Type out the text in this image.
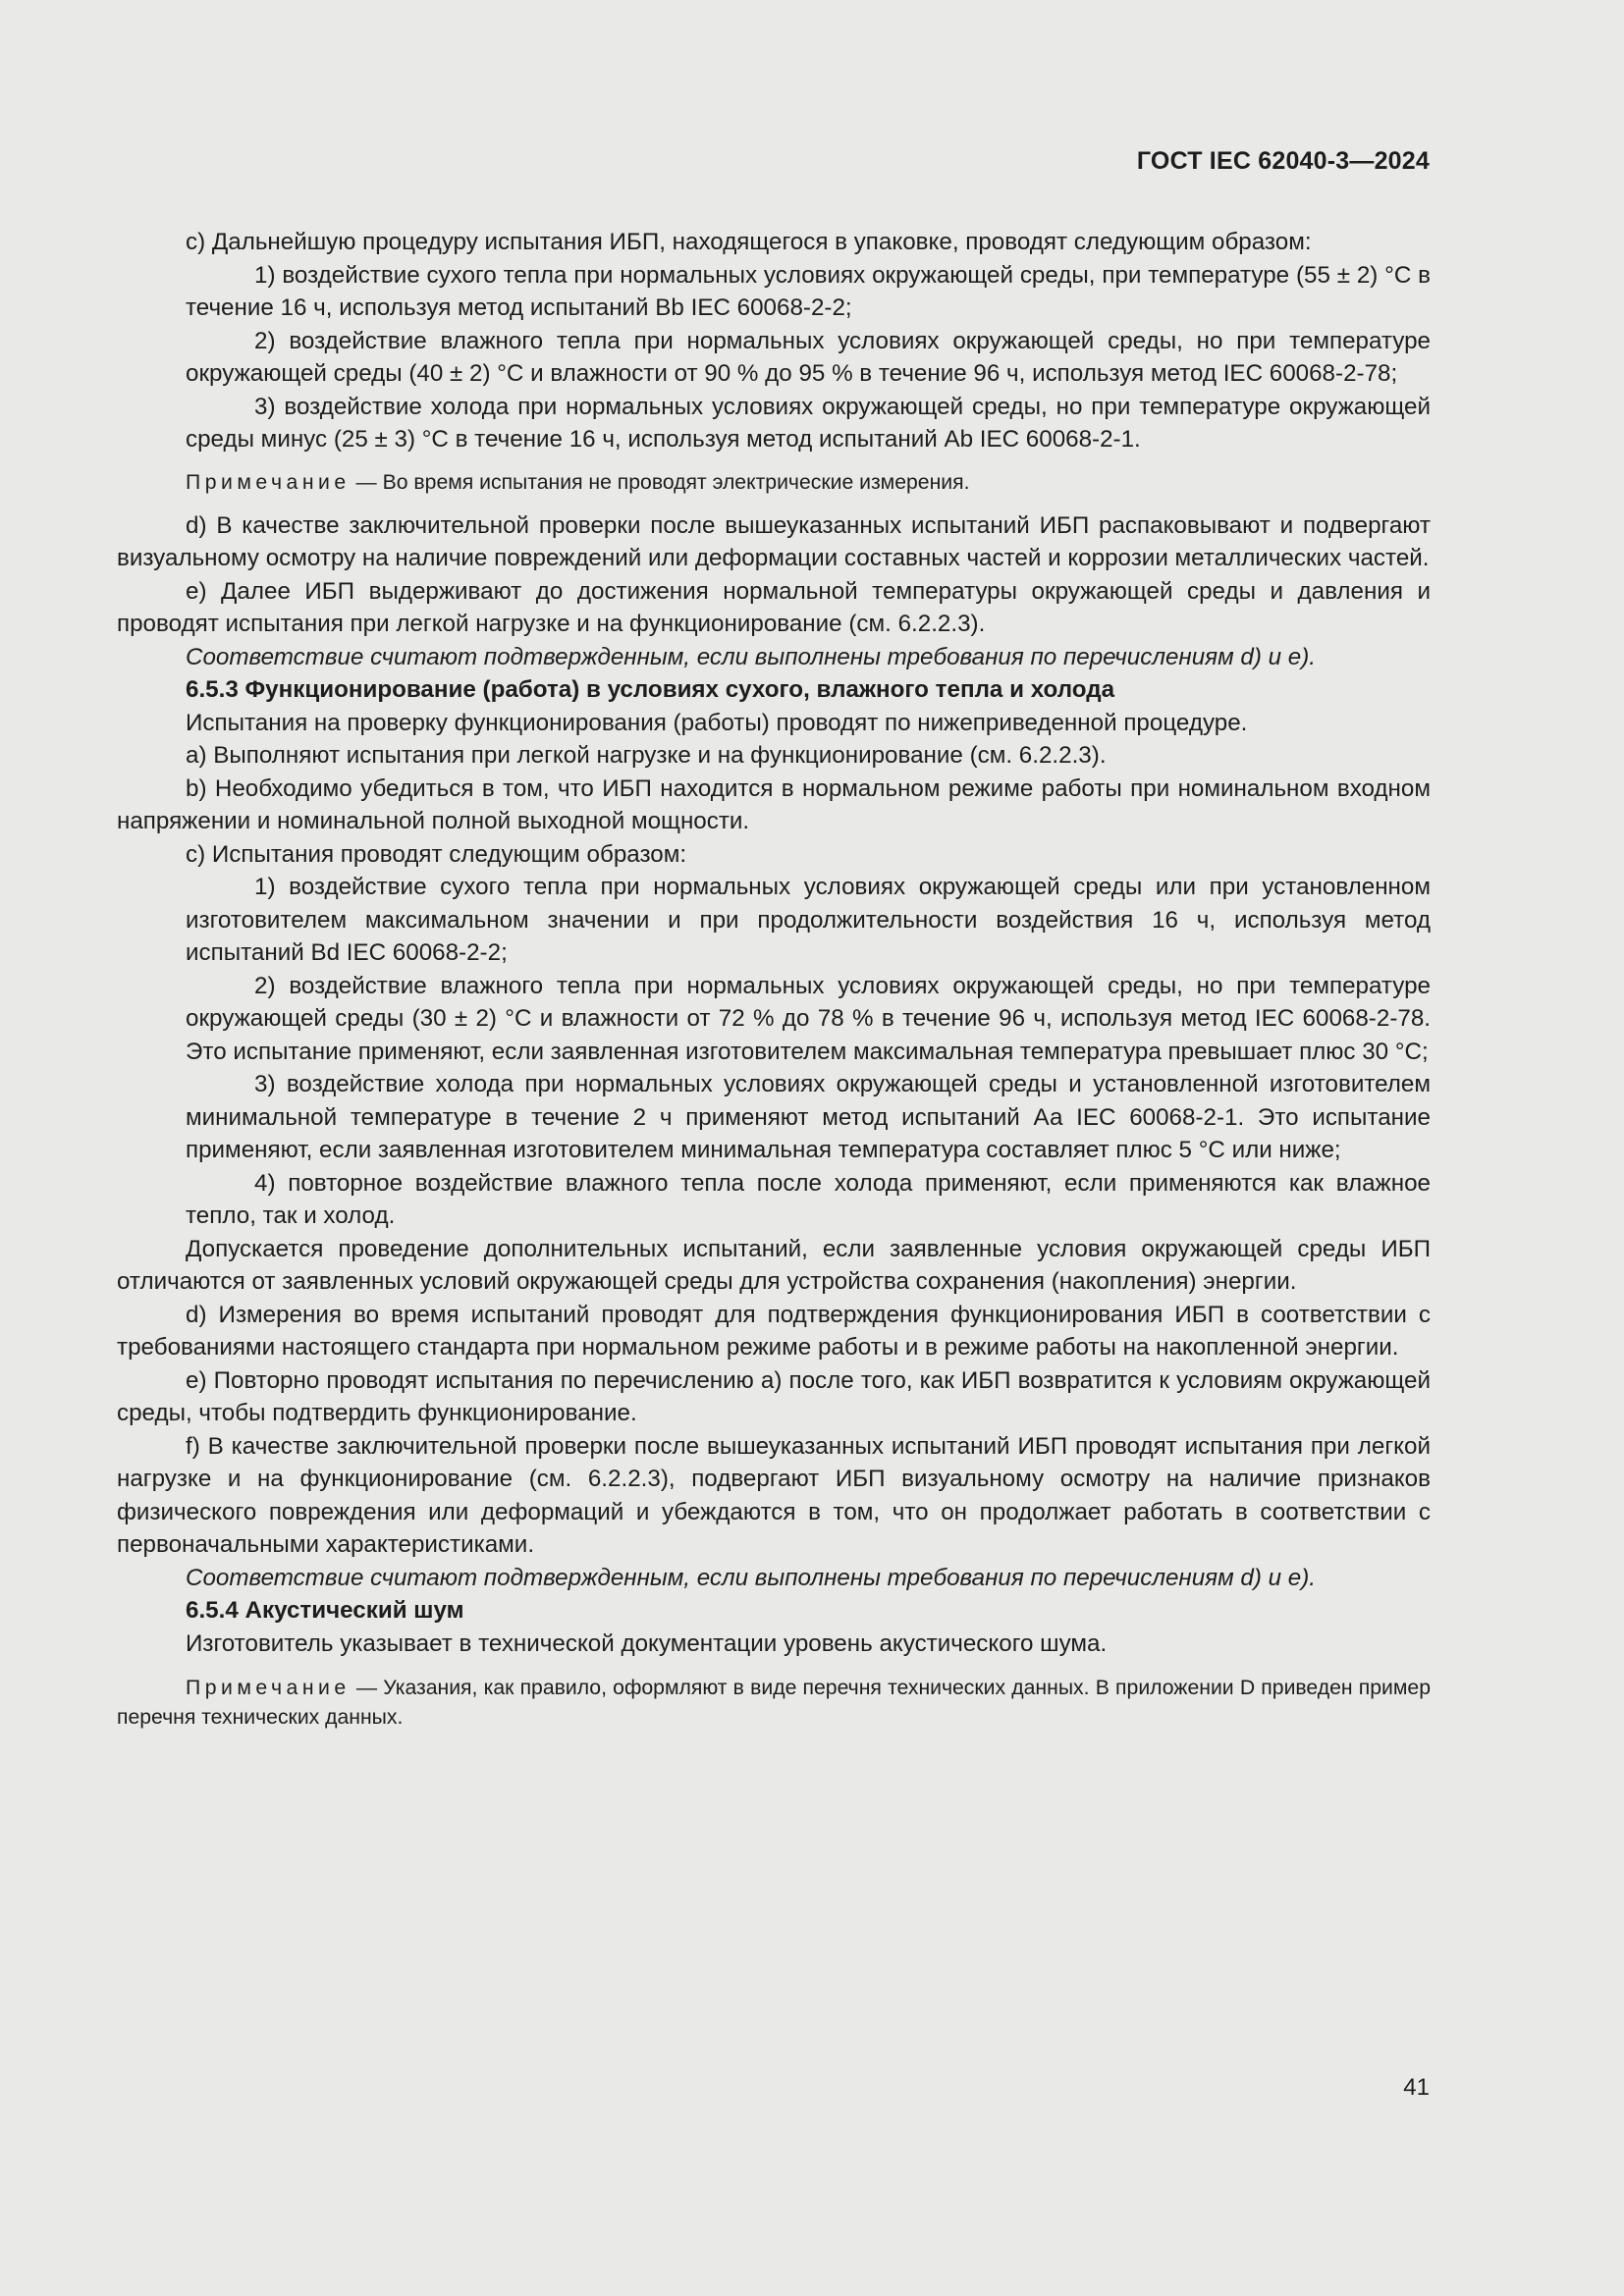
ГОСТ IEC 62040-3—2024

c) Дальнейшую процедуру испытания ИБП, находящегося в упаковке, проводят следующим образом:

1) воздействие сухого тепла при нормальных условиях окружающей среды, при температуре (55 ± 2) °С в течение 16 ч, используя метод испытаний Bb IEC 60068-2-2;

2) воздействие влажного тепла при нормальных условиях окружающей среды, но при температуре окружающей среды (40 ± 2) °С и влажности от 90 % до 95 % в течение 96 ч, используя метод IEC 60068-2-78;

3) воздействие холода при нормальных условиях окружающей среды, но при температуре окружающей среды минус (25 ± 3) °С в течение 16 ч, используя метод испытаний Ab IEC 60068-2-1.

Примечание — Во время испытания не проводят электрические измерения.

d) В качестве заключительной проверки после вышеуказанных испытаний ИБП распаковывают и подвергают визуальному осмотру на наличие повреждений или деформации составных частей и коррозии металлических частей.

e) Далее ИБП выдерживают до достижения нормальной температуры окружающей среды и давления и проводят испытания при легкой нагрузке и на функционирование (см. 6.2.2.3).

Соответствие считают подтвержденным, если выполнены требования по перечислениям d) и e).

6.5.3 Функционирование (работа) в условиях сухого, влажного тепла и холода

Испытания на проверку функционирования (работы) проводят по нижеприведенной процедуре.

а) Выполняют испытания при легкой нагрузке и на функционирование (см. 6.2.2.3).

b) Необходимо убедиться в том, что ИБП находится в нормальном режиме работы при номинальном входном напряжении и номинальной полной выходной мощности.

с) Испытания проводят следующим образом:

1) воздействие сухого тепла при нормальных условиях окружающей среды или при установленном изготовителем максимальном значении и при продолжительности воздействия 16 ч, используя метод испытаний Bd IEC 60068-2-2;

2) воздействие влажного тепла при нормальных условиях окружающей среды, но при температуре окружающей среды (30 ± 2) °С и влажности от 72 % до 78 % в течение 96 ч, используя метод IEC 60068-2-78. Это испытание применяют, если заявленная изготовителем максимальная температура превышает плюс 30 °С;

3) воздействие холода при нормальных условиях окружающей среды и установленной изготовителем минимальной температуре в течение 2 ч применяют метод испытаний Аа IEC 60068-2-1. Это испытание применяют, если заявленная изготовителем минимальная температура составляет плюс 5 °С или ниже;

4) повторное воздействие влажного тепла после холода применяют, если применяются как влажное тепло, так и холод.

Допускается проведение дополнительных испытаний, если заявленные условия окружающей среды ИБП отличаются от заявленных условий окружающей среды для устройства сохранения (накопления) энергии.

d) Измерения во время испытаний проводят для подтверждения функционирования ИБП в соответствии с требованиями настоящего стандарта при нормальном режиме работы и в режиме работы на накопленной энергии.

e) Повторно проводят испытания по перечислению а) после того, как ИБП возвратится к условиям окружающей среды, чтобы подтвердить функционирование.

f) В качестве заключительной проверки после вышеуказанных испытаний ИБП проводят испытания при легкой нагрузке и на функционирование (см. 6.2.2.3), подвергают ИБП визуальному осмотру на наличие признаков физического повреждения или деформаций и убеждаются в том, что он продолжает работать в соответствии с первоначальными характеристиками.

Соответствие считают подтвержденным, если выполнены требования по перечислениям d) и e).

6.5.4 Акустический шум

Изготовитель указывает в технической документации уровень акустического шума.

Примечание — Указания, как правило, оформляют в виде перечня технических данных. В приложении D приведен пример перечня технических данных.

41
